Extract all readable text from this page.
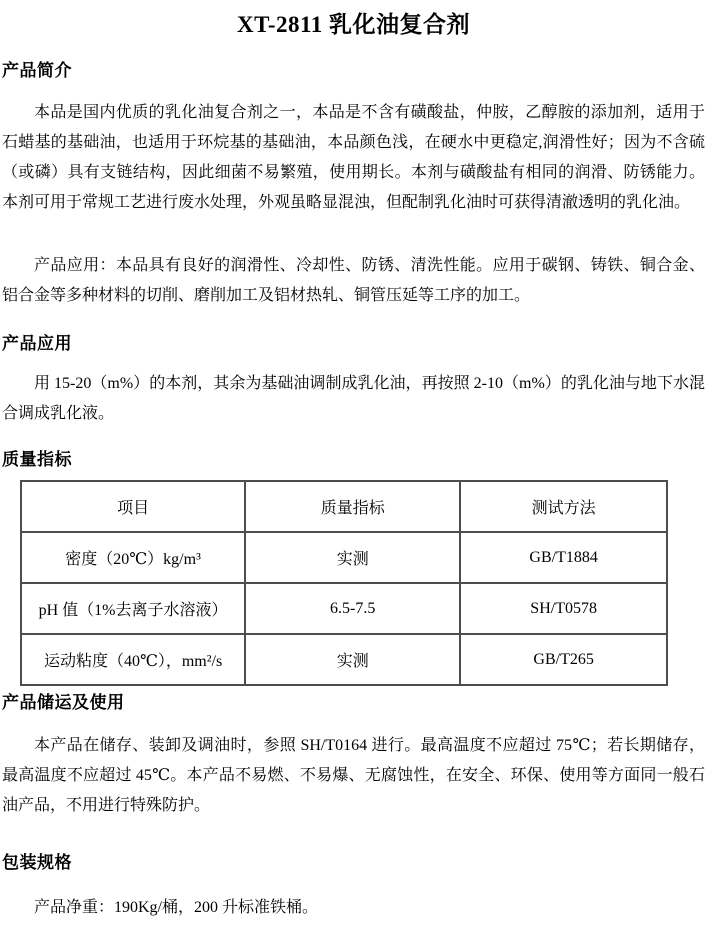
XT-2811 乳化油复合剂
产品简介

本品是国内优质的乳化油复合剂之一，本品是不含有磺酸盐，仲胺，乙醇胺的添加剂，适用于石蜡基的基础油，也适用于环烷基的基础油，本品颜色浅，在硬水中更稳定,润滑性好；因为不含硫（或磷）具有支链结构，因此细菌不易繁殖，使用期长。本剂与磺酸盐有相同的润滑、防锈能力。本剂可用于常规工艺进行废水处理，外观虽略显混浊，但配制乳化油时可获得清澈透明的乳化油。

产品应用：本品具有良好的润滑性、冷却性、防锈、清洗性能。应用于碳钢、铸铁、铜合金、铝合金等多种材料的切削、磨削加工及铝材热轧、铜管压延等工序的加工。

产品应用

用 15-20（m%）的本剂，其余为基础油调制成乳化油，再按照 2-10（m%）的乳化油与地下水混合调成乳化液。

质量指标
项目	质量指标	测试方法
密度（20℃）kg/m³	实测	GB/T1884
pH 值（1%去离子水溶液）	6.5-7.5	SH/T0578
运动粘度（40℃），mm²/s	实测	GB/T265
产品储运及使用

本产品在储存、装卸及调油时，参照 SH/T0164 进行。最高温度不应超过 75℃；若长期储存，最高温度不应超过 45℃。本产品不易燃、不易爆、无腐蚀性，在安全、环保、使用等方面同一般石油产品，不用进行特殊防护。

包装规格

产品净重：190Kg/桶，200 升标准铁桶。
